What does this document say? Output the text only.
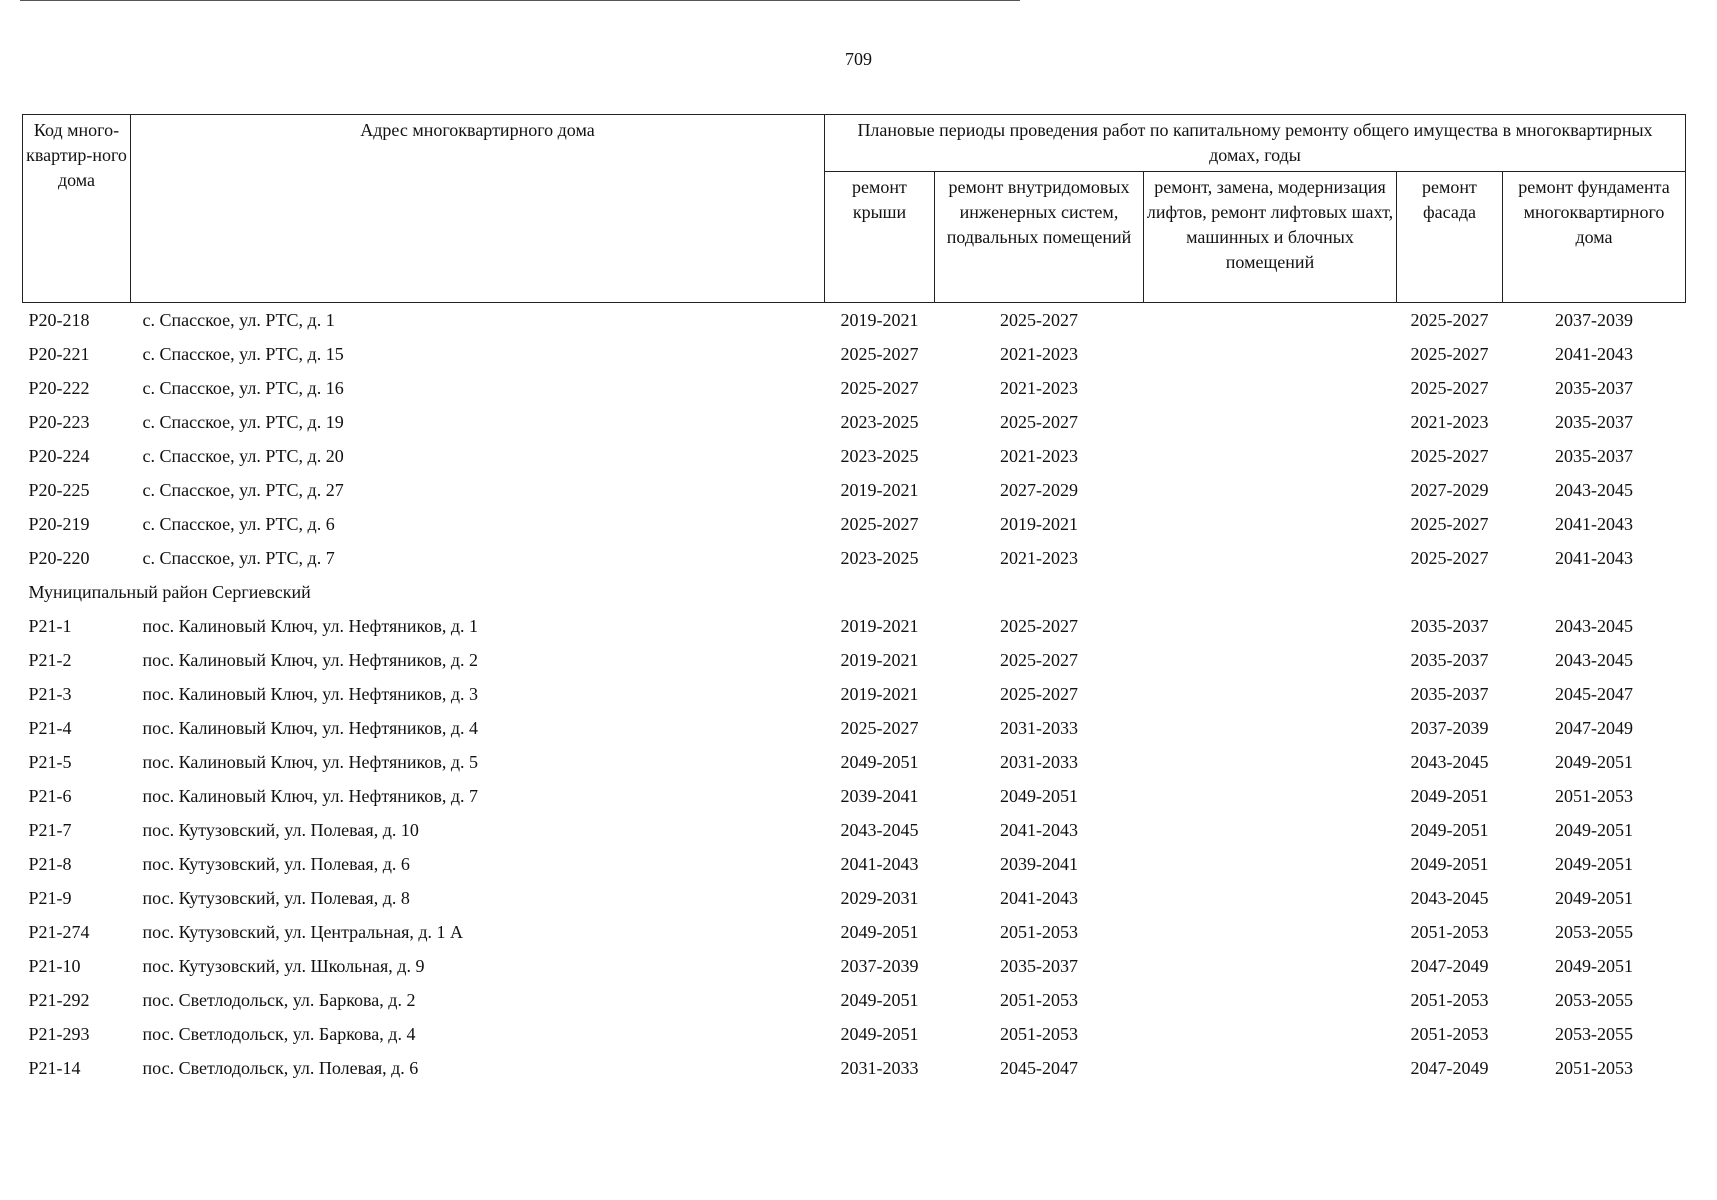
709
Код много-квартир-ного дома	Адрес многоквартирного дома	Плановые периоды проведения работ по капитальному ремонту общего имущества в многоквартирных домах, годы				
		ремонт крыши	ремонт внутридомовых инженерных систем, подвальных помещений	ремонт, замена, модернизация лифтов, ремонт лифтовых шахт, машинных и блочных помещений	ремонт фасада	ремонт фундамента многоквартирного дома
P20-218	с. Спасское, ул. РТС, д. 1	2019-2021	2025-2027		2025-2027	2037-2039
P20-221	с. Спасское, ул. РТС, д. 15	2025-2027	2021-2023		2025-2027	2041-2043
P20-222	с. Спасское, ул. РТС, д. 16	2025-2027	2021-2023		2025-2027	2035-2037
P20-223	с. Спасское, ул. РТС, д. 19	2023-2025	2025-2027		2021-2023	2035-2037
P20-224	с. Спасское, ул. РТС, д. 20	2023-2025	2021-2023		2025-2027	2035-2037
P20-225	с. Спасское, ул. РТС, д. 27	2019-2021	2027-2029		2027-2029	2043-2045
P20-219	с. Спасское, ул. РТС, д. 6	2025-2027	2019-2021		2025-2027	2041-2043
P20-220	с. Спасское, ул. РТС, д. 7	2023-2025	2021-2023		2025-2027	2041-2043
Муниципальный район Сергиевский						
P21-1	пос. Калиновый Ключ, ул. Нефтяников, д. 1	2019-2021	2025-2027		2035-2037	2043-2045
P21-2	пос. Калиновый Ключ, ул. Нефтяников, д. 2	2019-2021	2025-2027		2035-2037	2043-2045
P21-3	пос. Калиновый Ключ, ул. Нефтяников, д. 3	2019-2021	2025-2027		2035-2037	2045-2047
P21-4	пос. Калиновый Ключ, ул. Нефтяников, д. 4	2025-2027	2031-2033		2037-2039	2047-2049
P21-5	пос. Калиновый Ключ, ул. Нефтяников, д. 5	2049-2051	2031-2033		2043-2045	2049-2051
P21-6	пос. Калиновый Ключ, ул. Нефтяников, д. 7	2039-2041	2049-2051		2049-2051	2051-2053
P21-7	пос. Кутузовский, ул. Полевая, д. 10	2043-2045	2041-2043		2049-2051	2049-2051
P21-8	пос. Кутузовский, ул. Полевая, д. 6	2041-2043	2039-2041		2049-2051	2049-2051
P21-9	пос. Кутузовский, ул. Полевая, д. 8	2029-2031	2041-2043		2043-2045	2049-2051
P21-274	пос. Кутузовский, ул. Центральная, д. 1 А	2049-2051	2051-2053		2051-2053	2053-2055
P21-10	пос. Кутузовский, ул. Школьная, д. 9	2037-2039	2035-2037		2047-2049	2049-2051
P21-292	пос. Светлодольск, ул. Баркова, д. 2	2049-2051	2051-2053		2051-2053	2053-2055
P21-293	пос. Светлодольск, ул. Баркова, д. 4	2049-2051	2051-2053		2051-2053	2053-2055
P21-14	пос. Светлодольск, ул. Полевая, д. 6	2031-2033	2045-2047		2047-2049	2051-2053
